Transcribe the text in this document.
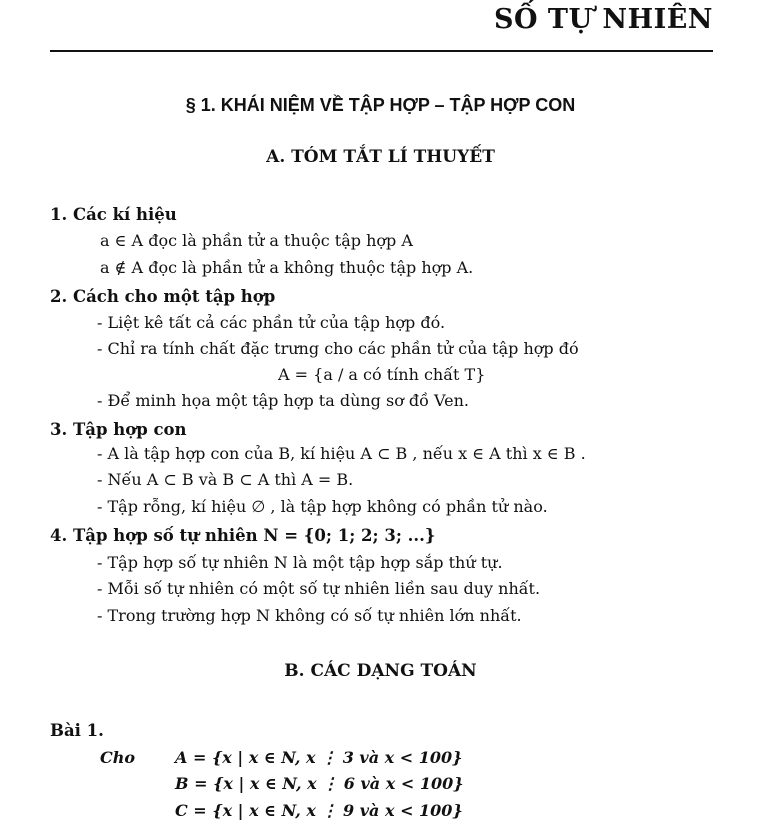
SỐ TỰ NHIÊN
§ 1. KHÁI NIỆM VỀ TẬP HỢP – TẬP HỢP CON
A. TÓM TẮT LÍ THUYẾT
1. Các kí hiệu
a ∈ A đọc là phần tử a thuộc tập hợp A
a ∉ A đọc là phần tử a không thuộc tập hợp A.
2. Cách cho một tập hợp
- Liệt kê tất cả các phần tử của tập hợp đó.
- Chỉ ra tính chất đặc trưng cho các phần tử của tập hợp đó
A = {a / a có tính chất T}
- Để minh họa một tập hợp ta dùng sơ đồ Ven.
3. Tập hợp con
- A là tập hợp con của B, kí hiệu A ⊂ B , nếu x ∈ A thì x ∈ B .
- Nếu A ⊂ B và B ⊂ A thì A = B.
- Tập rỗng, kí hiệu ∅ , là tập hợp không có phần tử nào.
4. Tập hợp số tự nhiên N = {0; 1; 2; 3; ...}
- Tập hợp số tự nhiên N là một tập hợp sắp thứ tự.
- Mỗi số tự nhiên có một số tự nhiên liền sau duy nhất.
- Trong trường hợp N không có số tự nhiên lớn nhất.
B. CÁC DẠNG TOÁN
Bài 1.
Cho A = {x | x ∈ N, x ⋮ 3 và x < 100}
B = {x | x ∈ N, x ⋮ 6 và x < 100}
C = {x | x ∈ N, x ⋮ 9 và x < 100}
